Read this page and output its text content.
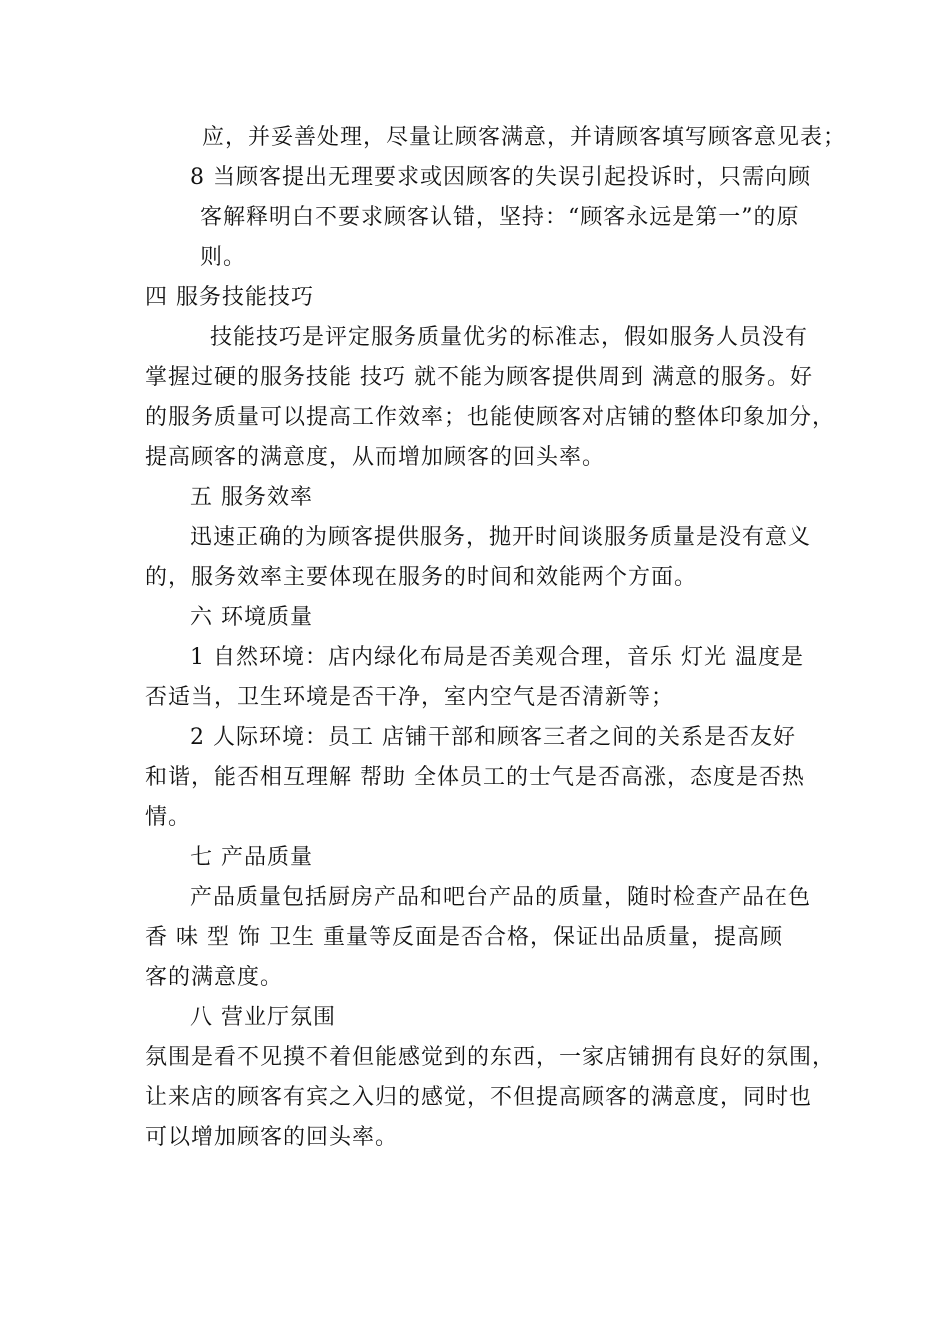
应，并妥善处理，尽量让顾客满意，并请顾客填写顾客意见表；
8 当顾客提出无理要求或因顾客的失误引起投诉时，只需向顾
客解释明白不要求顾客认错，坚持：“顾客永远是第一”的原
则。
四 服务技能技巧
技能技巧是评定服务质量优劣的标准志，假如服务人员没有
掌握过硬的服务技能 技巧 就不能为顾客提供周到 满意的服务。好
的服务质量可以提高工作效率；也能使顾客对店铺的整体印象加分，
提高顾客的满意度，从而增加顾客的回头率。
五 服务效率
迅速正确的为顾客提供服务，抛开时间谈服务质量是没有意义
的，服务效率主要体现在服务的时间和效能两个方面。
六 环境质量
1 自然环境：店内绿化布局是否美观合理，音乐 灯光 温度是
否适当，卫生环境是否干净，室内空气是否清新等；
2 人际环境：员工 店铺干部和顾客三者之间的关系是否友好
和谐，能否相互理解 帮助 全体员工的士气是否高涨，态度是否热
情。
七 产品质量
产品质量包括厨房产品和吧台产品的质量，随时检查产品在色
香 味 型 饰 卫生 重量等反面是否合格，保证出品质量，提高顾
客的满意度。
八 营业厅氛围
氛围是看不见摸不着但能感觉到的东西，一家店铺拥有良好的氛围，
让来店的顾客有宾之入归的感觉，不但提高顾客的满意度，同时也
可以增加顾客的回头率。
